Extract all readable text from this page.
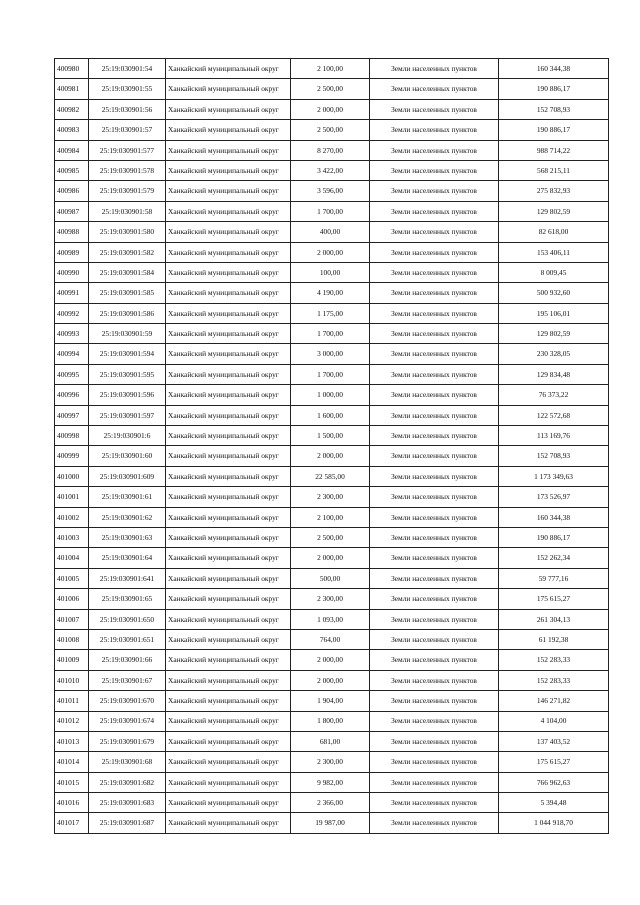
400980	25:19:030901:54	Ханкайский муниципальный округ	2 100,00	Земли населенных пунктов	160 344,38
400981	25:19:030901:55	Ханкайский муниципальный округ	2 500,00	Земли населенных пунктов	190 886,17
400982	25:19:030901:56	Ханкайский муниципальный округ	2 000,00	Земли населенных пунктов	152 708,93
400983	25:19:030901:57	Ханкайский муниципальный округ	2 500,00	Земли населенных пунктов	190 886,17
400984	25:19:030901:577	Ханкайский муниципальный округ	8 270,00	Земли населенных пунктов	988 714,22
400985	25:19:030901:578	Ханкайский муниципальный округ	3 422,00	Земли населенных пунктов	568 215,11
400986	25:19:030901:579	Ханкайский муниципальный округ	3 596,00	Земли населенных пунктов	275 832,93
400987	25:19:030901:58	Ханкайский муниципальный округ	1 700,00	Земли населенных пунктов	129 802,59
400988	25:19:030901:580	Ханкайский муниципальный округ	400,00	Земли населенных пунктов	82 618,00
400989	25:19:030901:582	Ханкайский муниципальный округ	2 000,00	Земли населенных пунктов	153 406,11
400990	25:19:030901:584	Ханкайский муниципальный округ	100,00	Земли населенных пунктов	8 009,45
400991	25:19:030901:585	Ханкайский муниципальный округ	4 190,00	Земли населенных пунктов	500 932,60
400992	25:19:030901:586	Ханкайский муниципальный округ	1 175,00	Земли населенных пунктов	195 106,01
400993	25:19:030901:59	Ханкайский муниципальный округ	1 700,00	Земли населенных пунктов	129 802,59
400994	25:19:030901:594	Ханкайский муниципальный округ	3 000,00	Земли населенных пунктов	230 328,05
400995	25:19:030901:595	Ханкайский муниципальный округ	1 700,00	Земли населенных пунктов	129 834,48
400996	25:19:030901:596	Ханкайский муниципальный округ	1 000,00	Земли населенных пунктов	76 373,22
400997	25:19:030901:597	Ханкайский муниципальный округ	1 600,00	Земли населенных пунктов	122 572,68
400998	25:19:030901:6	Ханкайский муниципальный округ	1 500,00	Земли населенных пунктов	113 169,76
400999	25:19:030901:60	Ханкайский муниципальный округ	2 000,00	Земли населенных пунктов	152 708,93
401000	25:19:030901:609	Ханкайский муниципальный округ	22 585,00	Земли населенных пунктов	1 173 349,63
401001	25:19:030901:61	Ханкайский муниципальный округ	2 300,00	Земли населенных пунктов	173 526,97
401002	25:19:030901:62	Ханкайский муниципальный округ	2 100,00	Земли населенных пунктов	160 344,38
401003	25:19:030901:63	Ханкайский муниципальный округ	2 500,00	Земли населенных пунктов	190 886,17
401004	25:19:030901:64	Ханкайский муниципальный округ	2 000,00	Земли населенных пунктов	152 262,34
401005	25:19:030901:641	Ханкайский муниципальный округ	500,00	Земли населенных пунктов	59 777,16
401006	25:19:030901:65	Ханкайский муниципальный округ	2 300,00	Земли населенных пунктов	175 615,27
401007	25:19:030901:650	Ханкайский муниципальный округ	1 093,00	Земли населенных пунктов	261 304,13
401008	25:19:030901:651	Ханкайский муниципальный округ	764,00	Земли населенных пунктов	61 192,38
401009	25:19:030901:66	Ханкайский муниципальный округ	2 000,00	Земли населенных пунктов	152 283,33
401010	25:19:030901:67	Ханкайский муниципальный округ	2 000,00	Земли населенных пунктов	152 283,33
401011	25:19:030901:670	Ханкайский муниципальный округ	1 904,00	Земли населенных пунктов	146 271,82
401012	25:19:030901:674	Ханкайский муниципальный округ	1 800,00	Земли населенных пунктов	4 104,00
401013	25:19:030901:679	Ханкайский муниципальный округ	681,00	Земли населенных пунктов	137 403,52
401014	25:19:030901:68	Ханкайский муниципальный округ	2 300,00	Земли населенных пунктов	175 615,27
401015	25:19:030901:682	Ханкайский муниципальный округ	9 982,00	Земли населенных пунктов	766 962,63
401016	25:19:030901:683	Ханкайский муниципальный округ	2 366,00	Земли населенных пунктов	5 394,48
401017	25:19:030901:687	Ханкайский муниципальный округ	19 987,00	Земли населенных пунктов	1 044 918,70
